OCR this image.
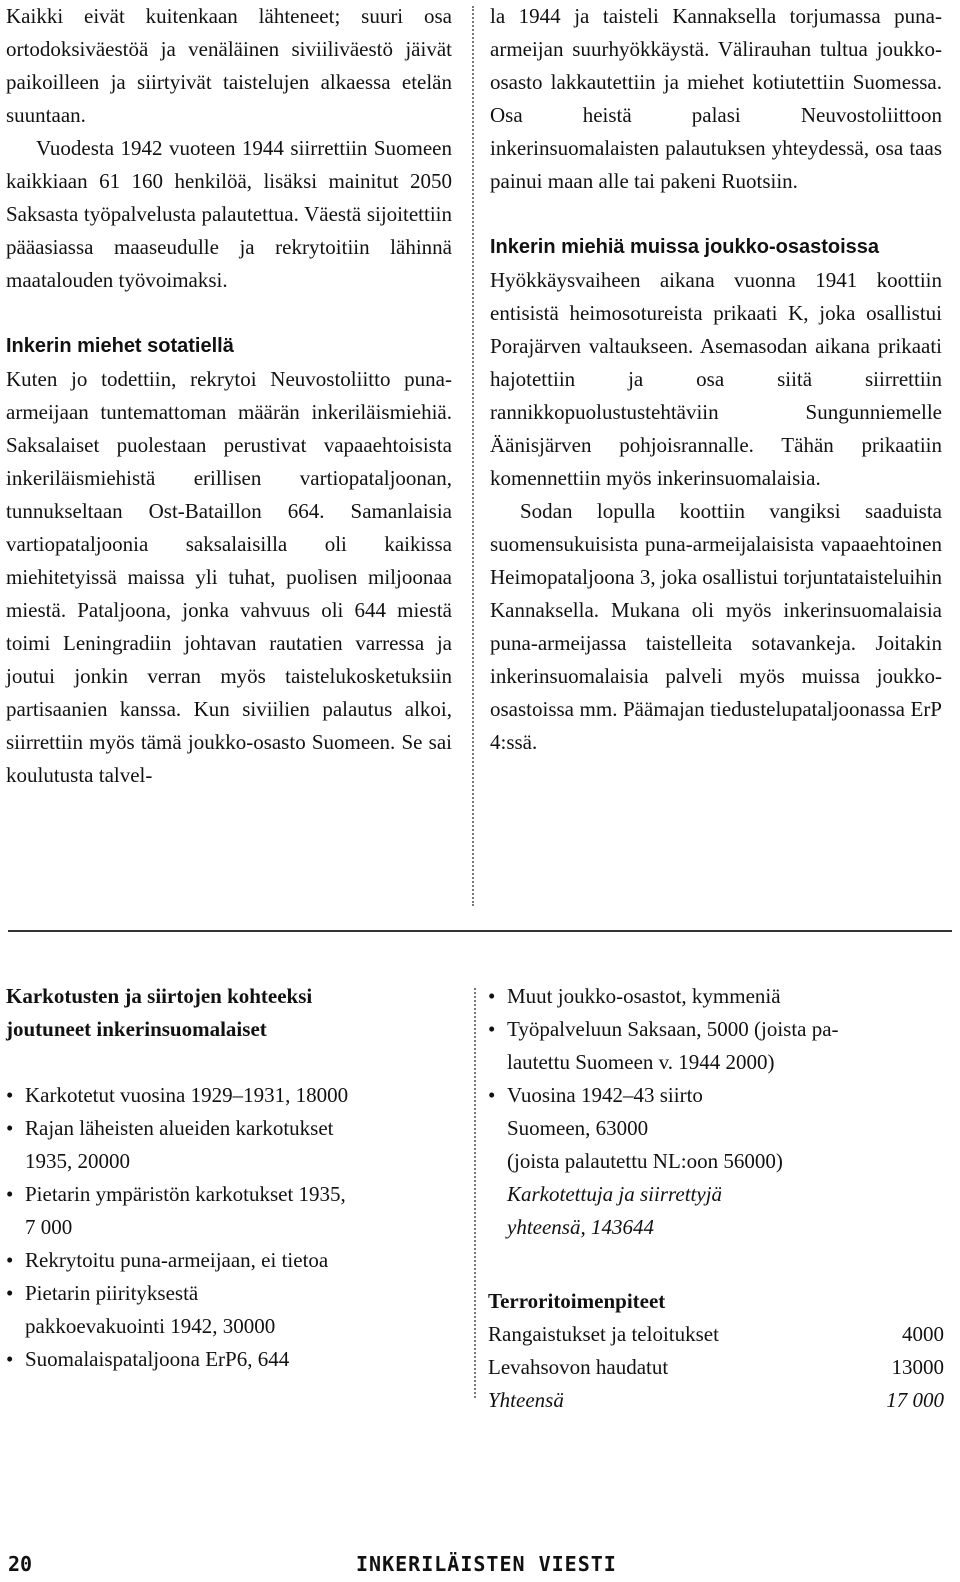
Kaikki eivät kuitenkaan lähteneet; suuri osa ortodoksiväestöä ja venäläinen siviiliväestö jäivät paikoilleen ja siirtyivät taistelujen alkaessa etelän suuntaan.

Vuodesta 1942 vuoteen 1944 siirrettiin Suomeen kaikkiaan 61 160 henkilöä, lisäksi mainitut 2050 Saksasta työpalvelusta palautettua. Väestä sijoitettiin pääasiassa maaseudulle ja rekrytoitiin lähinnä maatalouden työvoimaksi.

Inkerin miehet sotatiellä

Kuten jo todettiin, rekrytoi Neuvostoliitto puna-armeijaan tuntemattoman määrän inkeriläismiehiä. Saksalaiset puolestaan perustivat vapaaehtoisista inkeriläismiehistä erillisen vartiopataljoonan, tunnukseltaan Ost-Bataillon 664. Samanlaisia vartiopataljoonia saksalaisilla oli kaikissa miehitetyissä maissa yli tuhat, puolisen miljoonaa miestä. Pataljoona, jonka vahvuus oli 644 miestä toimi Leningradiin johtavan rautatien varressa ja joutui jonkin verran myös taistelukosketuksiin partisaanien kanssa. Kun siviilien palautus alkoi, siirrettiin myös tämä joukko-osasto Suomeen. Se sai koulutusta talvel-

la 1944 ja taisteli Kannaksella torjumassa puna-armeijan suurhyökkäystä. Välirauhan tultua joukko-osasto lakkautettiin ja miehet kotiutettiin Suomessa. Osa heistä palasi Neuvostoliittoon inkerinsuomalaisten palautuksen yhteydessä, osa taas painui maan alle tai pakeni Ruotsiin.

Inkerin miehiä muissa joukko-osastoissa

Hyökkäysvaiheen aikana vuonna 1941 koottiin entisistä heimosotureista prikaati K, joka osallistui Porajärven valtaukseen. Asemasodan aikana prikaati hajotettiin ja osa siitä siirrettiin rannikkopuolustustehtäviin Sungunniemelle Äänisjärven pohjoisrannalle. Tähän prikaatiin komennettiin myös inkerinsuomalaisia.

Sodan lopulla koottiin vangiksi saaduista suomensukuisista puna-armeijalaisista vapaaehtoinen Heimopataljoona 3, joka osallistui torjuntataisteluihin Kannaksella. Mukana oli myös inkerinsuomalaisia puna-armeijassa taistelleita sotavankeja. Joitakin inkerinsuomalaisia palveli myös muissa joukko-osastoissa mm. Päämajan tiedustelupataljoonassa ErP 4:ssä.

Karkotusten ja siirtojen kohteeksi
joutuneet inkerinsuomalaiset
• Karkotetut vuosina 1929–1931, 18000
• Rajan läheisten alueiden karkotukset
1935, 20000
• Pietarin ympäristön karkotukset 1935,
7 000
• Rekrytoitu puna-armeijaan, ei tietoa
• Pietarin piirityksestä
pakkoevakuointi 1942, 30000
• Suomalaispataljoona ErP6, 644
• Muut joukko-osastot, kymmeniä
• Työpalveluun Saksaan, 5000 (joista pa-
lautettu Suomeen v. 1944 2000)
• Vuosina 1942–43 siirto
Suomeen, 63000
(joista palautettu NL:oon 56000)
Karkotettuja ja siirrettyjä
yhteensä, 143644
Terroritoimenpiteet
Rangaistukset ja teloitukset	4000
Levahsovon haudatut	13000
Yhteensä	17 000
20	INKERILÄISTEN VIESTI
